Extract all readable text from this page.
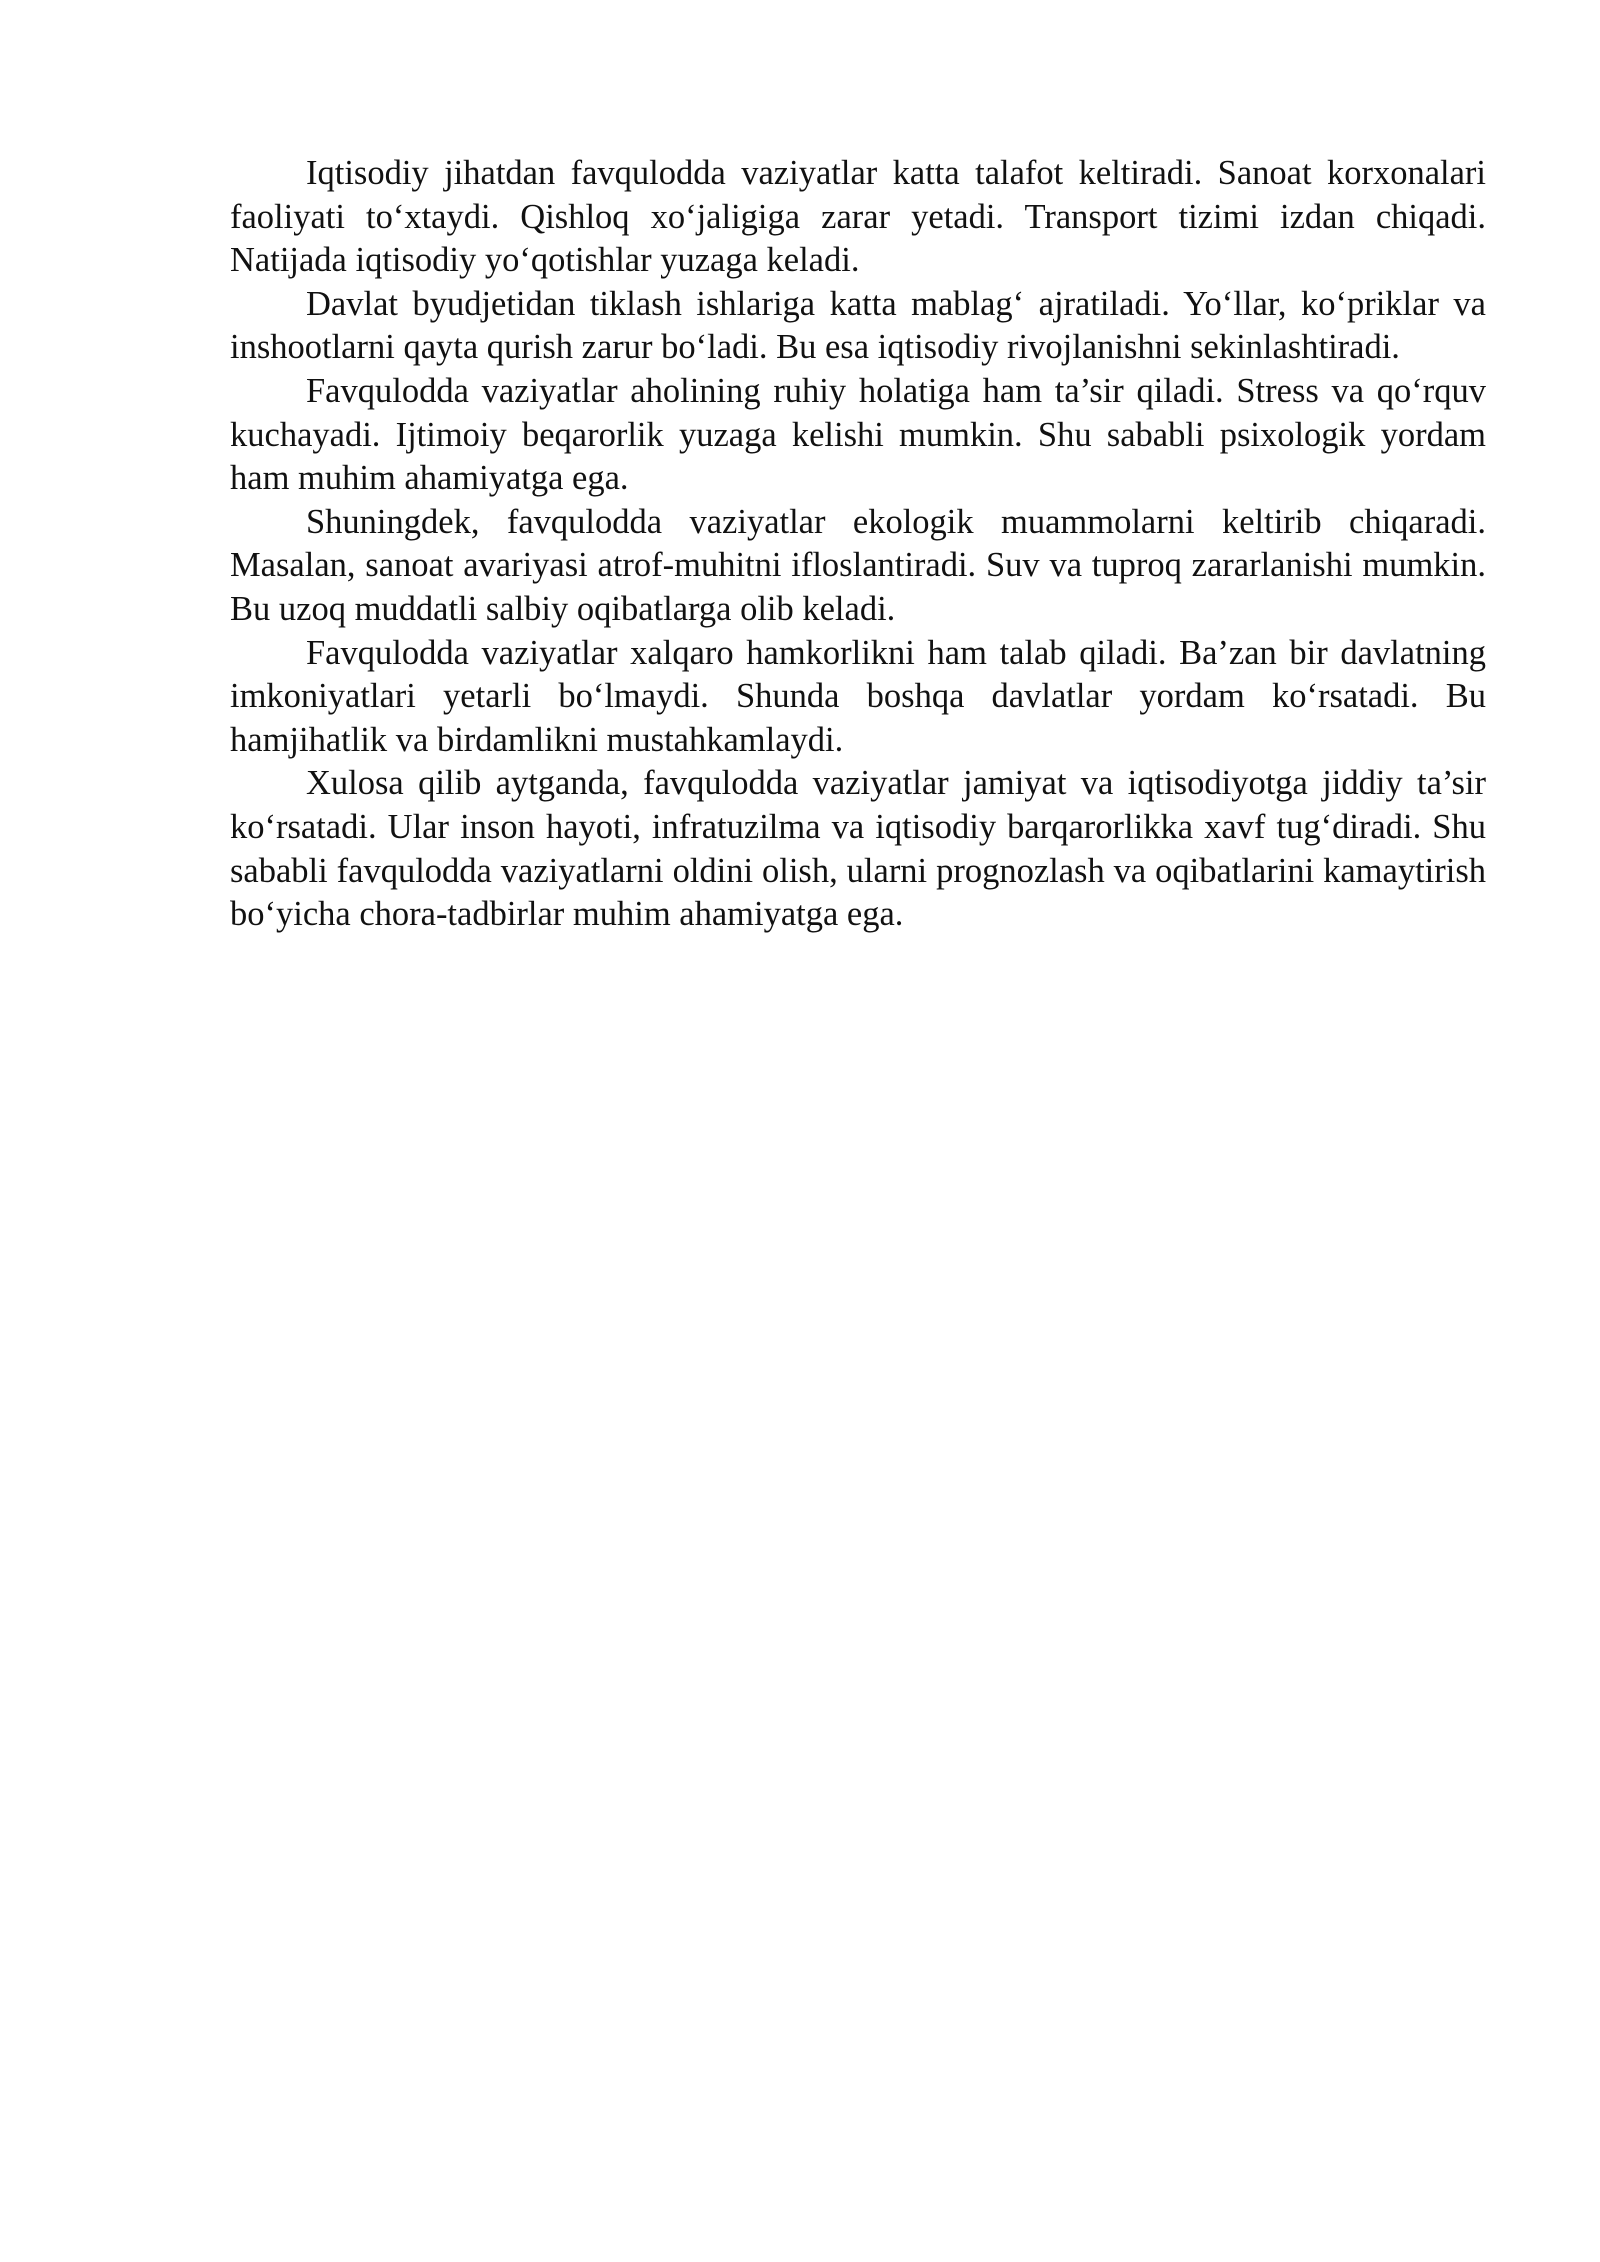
Iqtisodiy jihatdan favqulodda vaziyatlar katta talafot keltiradi. Sanoat korxonalari faoliyati to‘xtaydi. Qishloq xo‘jaligiga zarar yetadi. Transport tizimi izdan chiqadi. Natijada iqtisodiy yo‘qotishlar yuzaga keladi.

Davlat byudjetidan tiklash ishlariga katta mablag‘ ajratiladi. Yo‘llar, ko‘priklar va inshootlarni qayta qurish zarur bo‘ladi. Bu esa iqtisodiy rivojlanishni sekinlashtiradi.

Favqulodda vaziyatlar aholining ruhiy holatiga ham ta’sir qiladi. Stress va qo‘rquv kuchayadi. Ijtimoiy beqarorlik yuzaga kelishi mumkin. Shu sababli psixologik yordam ham muhim ahamiyatga ega.

Shuningdek, favqulodda vaziyatlar ekologik muammolarni keltirib chiqaradi. Masalan, sanoat avariyasi atrof-muhitni ifloslantiradi. Suv va tuproq zararlanishi mumkin. Bu uzoq muddatli salbiy oqibatlarga olib keladi.

Favqulodda vaziyatlar xalqaro hamkorlikni ham talab qiladi. Ba’zan bir davlatning imkoniyatlari yetarli bo‘lmaydi. Shunda boshqa davlatlar yordam ko‘rsatadi. Bu hamjihatlik va birdamlikni mustahkamlaydi.

Xulosa qilib aytganda, favqulodda vaziyatlar jamiyat va iqtisodiyotga jiddiy ta’sir ko‘rsatadi. Ular inson hayoti, infratuzilma va iqtisodiy barqarorlikka xavf tug‘diradi. Shu sababli favqulodda vaziyatlarni oldini olish, ularni prognozlash va oqibatlarini kamaytirish bo‘yicha chora-tadbirlar muhim ahamiyatga ega.
